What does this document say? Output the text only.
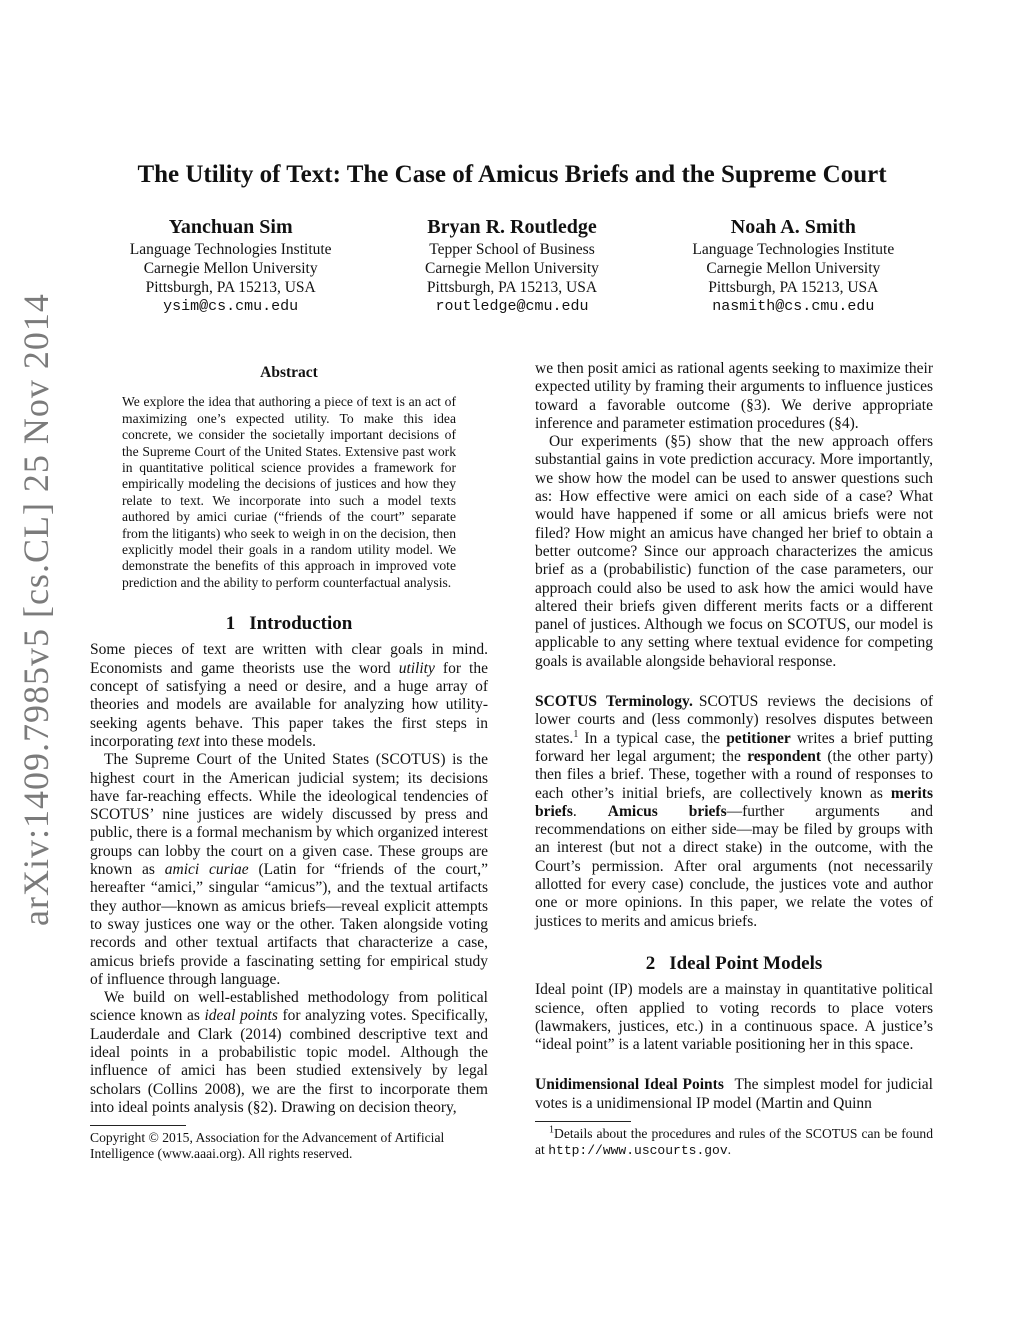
arXiv:1409.7985v5 [cs.CL] 25 Nov 2014
The Utility of Text: The Case of Amicus Briefs and the Supreme Court
Yanchuan Sim
Language Technologies Institute
Carnegie Mellon University
Pittsburgh, PA 15213, USA
ysim@cs.cmu.edu
Bryan R. Routledge
Tepper School of Business
Carnegie Mellon University
Pittsburgh, PA 15213, USA
routledge@cmu.edu
Noah A. Smith
Language Technologies Institute
Carnegie Mellon University
Pittsburgh, PA 15213, USA
nasmith@cs.cmu.edu
Abstract

We explore the idea that authoring a piece of text is an act of maximizing one’s expected utility. To make this idea concrete, we consider the societally important decisions of the Supreme Court of the United States. Extensive past work in quantitative political science provides a framework for empirically modeling the decisions of justices and how they relate to text. We incorporate into such a model texts authored by amici curiae (“friends of the court” separate from the litigants) who seek to weigh in on the decision, then explicitly model their goals in a random utility model. We demonstrate the benefits of this approach in improved vote prediction and the ability to perform counterfactual analysis.

1 Introduction

Some pieces of text are written with clear goals in mind. Economists and game theorists use the word utility for the concept of satisfying a need or desire, and a huge array of theories and models are available for analyzing how utility-seeking agents behave. This paper takes the first steps in incorporating text into these models.

The Supreme Court of the United States (SCOTUS) is the highest court in the American judicial system; its decisions have far-reaching effects. While the ideological tendencies of SCOTUS’ nine justices are widely discussed by press and public, there is a formal mechanism by which organized interest groups can lobby the court on a given case. These groups are known as amici curiae (Latin for “friends of the court,” hereafter “amici,” singular “amicus”), and the textual artifacts they author—known as amicus briefs—reveal explicit attempts to sway justices one way or the other. Taken alongside voting records and other textual artifacts that characterize a case, amicus briefs provide a fascinating setting for empirical study of influence through language.

We build on well-established methodology from political science known as ideal points for analyzing votes. Specifically, Lauderdale and Clark (2014) combined descriptive text and ideal points in a probabilistic topic model. Although the influence of amici has been studied extensively by legal scholars (Collins 2008), we are the first to incorporate them into ideal points analysis (§2). Drawing on decision theory,

Copyright © 2015, Association for the Advancement of Artificial Intelligence (www.aaai.org). All rights reserved.

we then posit amici as rational agents seeking to maximize their expected utility by framing their arguments to influence justices toward a favorable outcome (§3). We derive appropriate inference and parameter estimation procedures (§4).

Our experiments (§5) show that the new approach offers substantial gains in vote prediction accuracy. More importantly, we show how the model can be used to answer questions such as: How effective were amici on each side of a case? What would have happened if some or all amicus briefs were not filed? How might an amicus have changed her brief to obtain a better outcome? Since our approach characterizes the amicus brief as a (probabilistic) function of the case parameters, our approach could also be used to ask how the amici would have altered their briefs given different merits facts or a different panel of justices. Although we focus on SCOTUS, our model is applicable to any setting where textual evidence for competing goals is available alongside behavioral response.

SCOTUS Terminology. SCOTUS reviews the decisions of lower courts and (less commonly) resolves disputes between states.$^1$ In a typical case, the petitioner writes a brief putting forward her legal argument; the respondent (the other party) then files a brief. These, together with a round of responses to each other’s initial briefs, are collectively known as merits briefs. Amicus briefs—further arguments and recommendations on either side—may be filed by groups with an interest (but not a direct stake) in the outcome, with the Court’s permission. After oral arguments (not necessarily allotted for every case) conclude, the justices vote and author one or more opinions. In this paper, we relate the votes of justices to merits and amicus briefs.

2 Ideal Point Models

Ideal point (IP) models are a mainstay in quantitative political science, often applied to voting records to place voters (lawmakers, justices, etc.) in a continuous space. A justice’s “ideal point” is a latent variable positioning her in this space.

Unidimensional Ideal Points The simplest model for judicial votes is a unidimensional IP model (Martin and Quinn

$^1$Details about the procedures and rules of the SCOTUS can be found at http://www.uscourts.gov.
